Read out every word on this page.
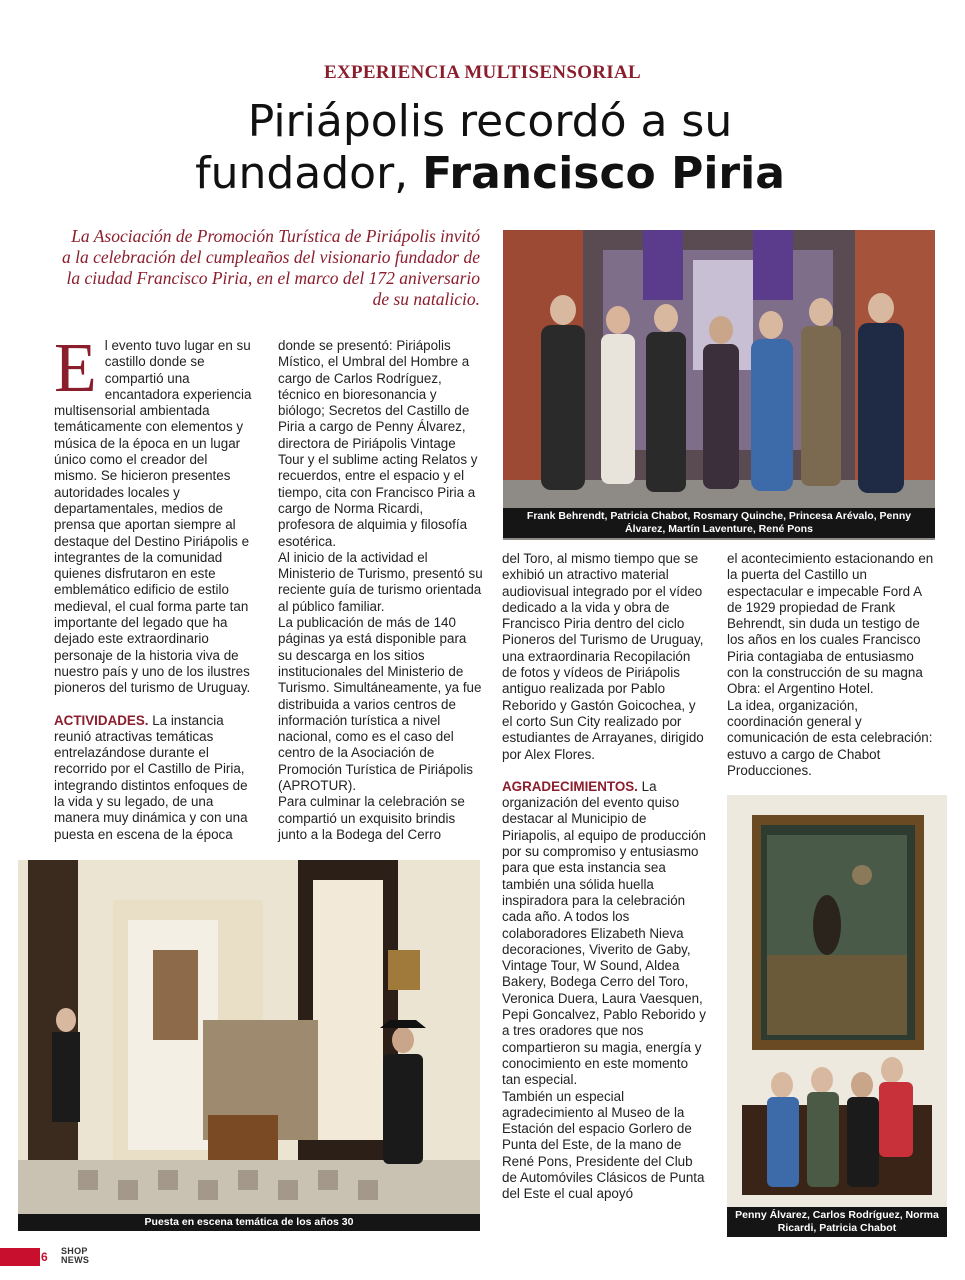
EXPERIENCIA MULTISENSORIAL
Piriápolis recordó a su
fundador, Francisco Piria
La Asociación de Promoción Turística de Piriápolis invitó a la celebración del cumpleaños del visionario fundador de la ciudad Francisco Piria, en el marco del 172 aniversario de su natalicio.
Frank Behrendt, Patricia Chabot, Rosmary Quinche, Princesa Arévalo, Penny Álvarez, Martín Laventure, René Pons

El evento tuvo lugar en su castillo donde se compartió una encantadora experiencia multisensorial ambientada temáticamente con elementos y música de la época en un lugar único como el creador del mismo. Se hicieron presentes autoridades locales y departamentales, medios de prensa que aportan siempre al destaque del Destino Piriápolis e integrantes de la comunidad quienes disfrutaron en este emblemático edificio de estilo medieval, el cual forma parte tan importante del legado que ha dejado este extraordinario personaje de la historia viva de nuestro país y uno de los ilustres pioneros del turismo de Uruguay.

ACTIVIDADES. La instancia reunió atractivas temáticas entrelazándose durante el recorrido por el Castillo de Piria, integrando distintos enfoques de la vida y su legado, de una manera muy dinámica y con una puesta en escena de la época

donde se presentó: Piriápolis Místico, el Umbral del Hombre a cargo de Carlos Rodríguez, técnico en bioresonancia y biólogo; Secretos del Castillo de Piria a cargo de Penny Álvarez, directora de Piriápolis Vintage Tour y el sublime acting Relatos y recuerdos, entre el espacio y el tiempo, cita con Francisco Piria a cargo de Norma Ricardi, profesora de alquimia y filosofía esotérica.

Al inicio de la actividad el Ministerio de Turismo, presentó su reciente guía de turismo orientada al público familiar.

La publicación de más de 140 páginas ya está disponible para su descarga en los sitios institucionales del Ministerio de Turismo. Simultáneamente, ya fue distribuida a varios centros de información turística a nivel nacional, como es el caso del centro de la Asociación de Promoción Turística de Piriápolis (APROTUR).

Para culminar la celebración se compartió un exquisito brindis junto a la Bodega del Cerro

del Toro, al mismo tiempo que se exhibió un atractivo material audiovisual integrado por el vídeo dedicado a la vida y obra de Francisco Piria dentro del ciclo Pioneros del Turismo de Uruguay, una extraordinaria Recopilación de fotos y vídeos de Piriápolis antiguo realizada por Pablo Reborido y Gastón Goicochea, y el corto Sun City realizado por estudiantes de Arrayanes, dirigido por Alex Flores.

AGRADECIMIENTOS. La organización del evento quiso destacar al Municipio de Piriapolis, al equipo de producción por su compromiso y entusiasmo para que esta instancia sea también una sólida huella inspiradora para la celebración cada año. A todos los colaboradores Elizabeth Nieva decoraciones, Viverito de Gaby, Vintage Tour, W Sound, Aldea Bakery, Bodega Cerro del Toro, Veronica Duera, Laura Vaesquen, Pepi Goncalvez, Pablo Reborido y a tres oradores que nos compartieron su magia, energía y conocimiento en este momento tan especial.

También un especial agradecimiento al Museo de la Estación del espacio Gorlero de Punta del Este, de la mano de René Pons, Presidente del Club de Automóviles Clásicos de Punta del Este el cual apoyó

el acontecimiento estacionando en la puerta del Castillo un espectacular e impecable Ford A de 1929 propiedad de Frank Behrendt, sin duda un testigo de los años en los cuales Francisco Piria contagiaba de entusiasmo con la construcción de su magna Obra: el Argentino Hotel.

La idea, organización, coordinación general y comunicación de esta celebración: estuvo a cargo de Chabot Producciones.

Puesta en escena temática de los años 30
Penny Álvarez, Carlos Rodríguez, Norma Ricardi, Patricia Chabot
6 SHOP
NEWS
